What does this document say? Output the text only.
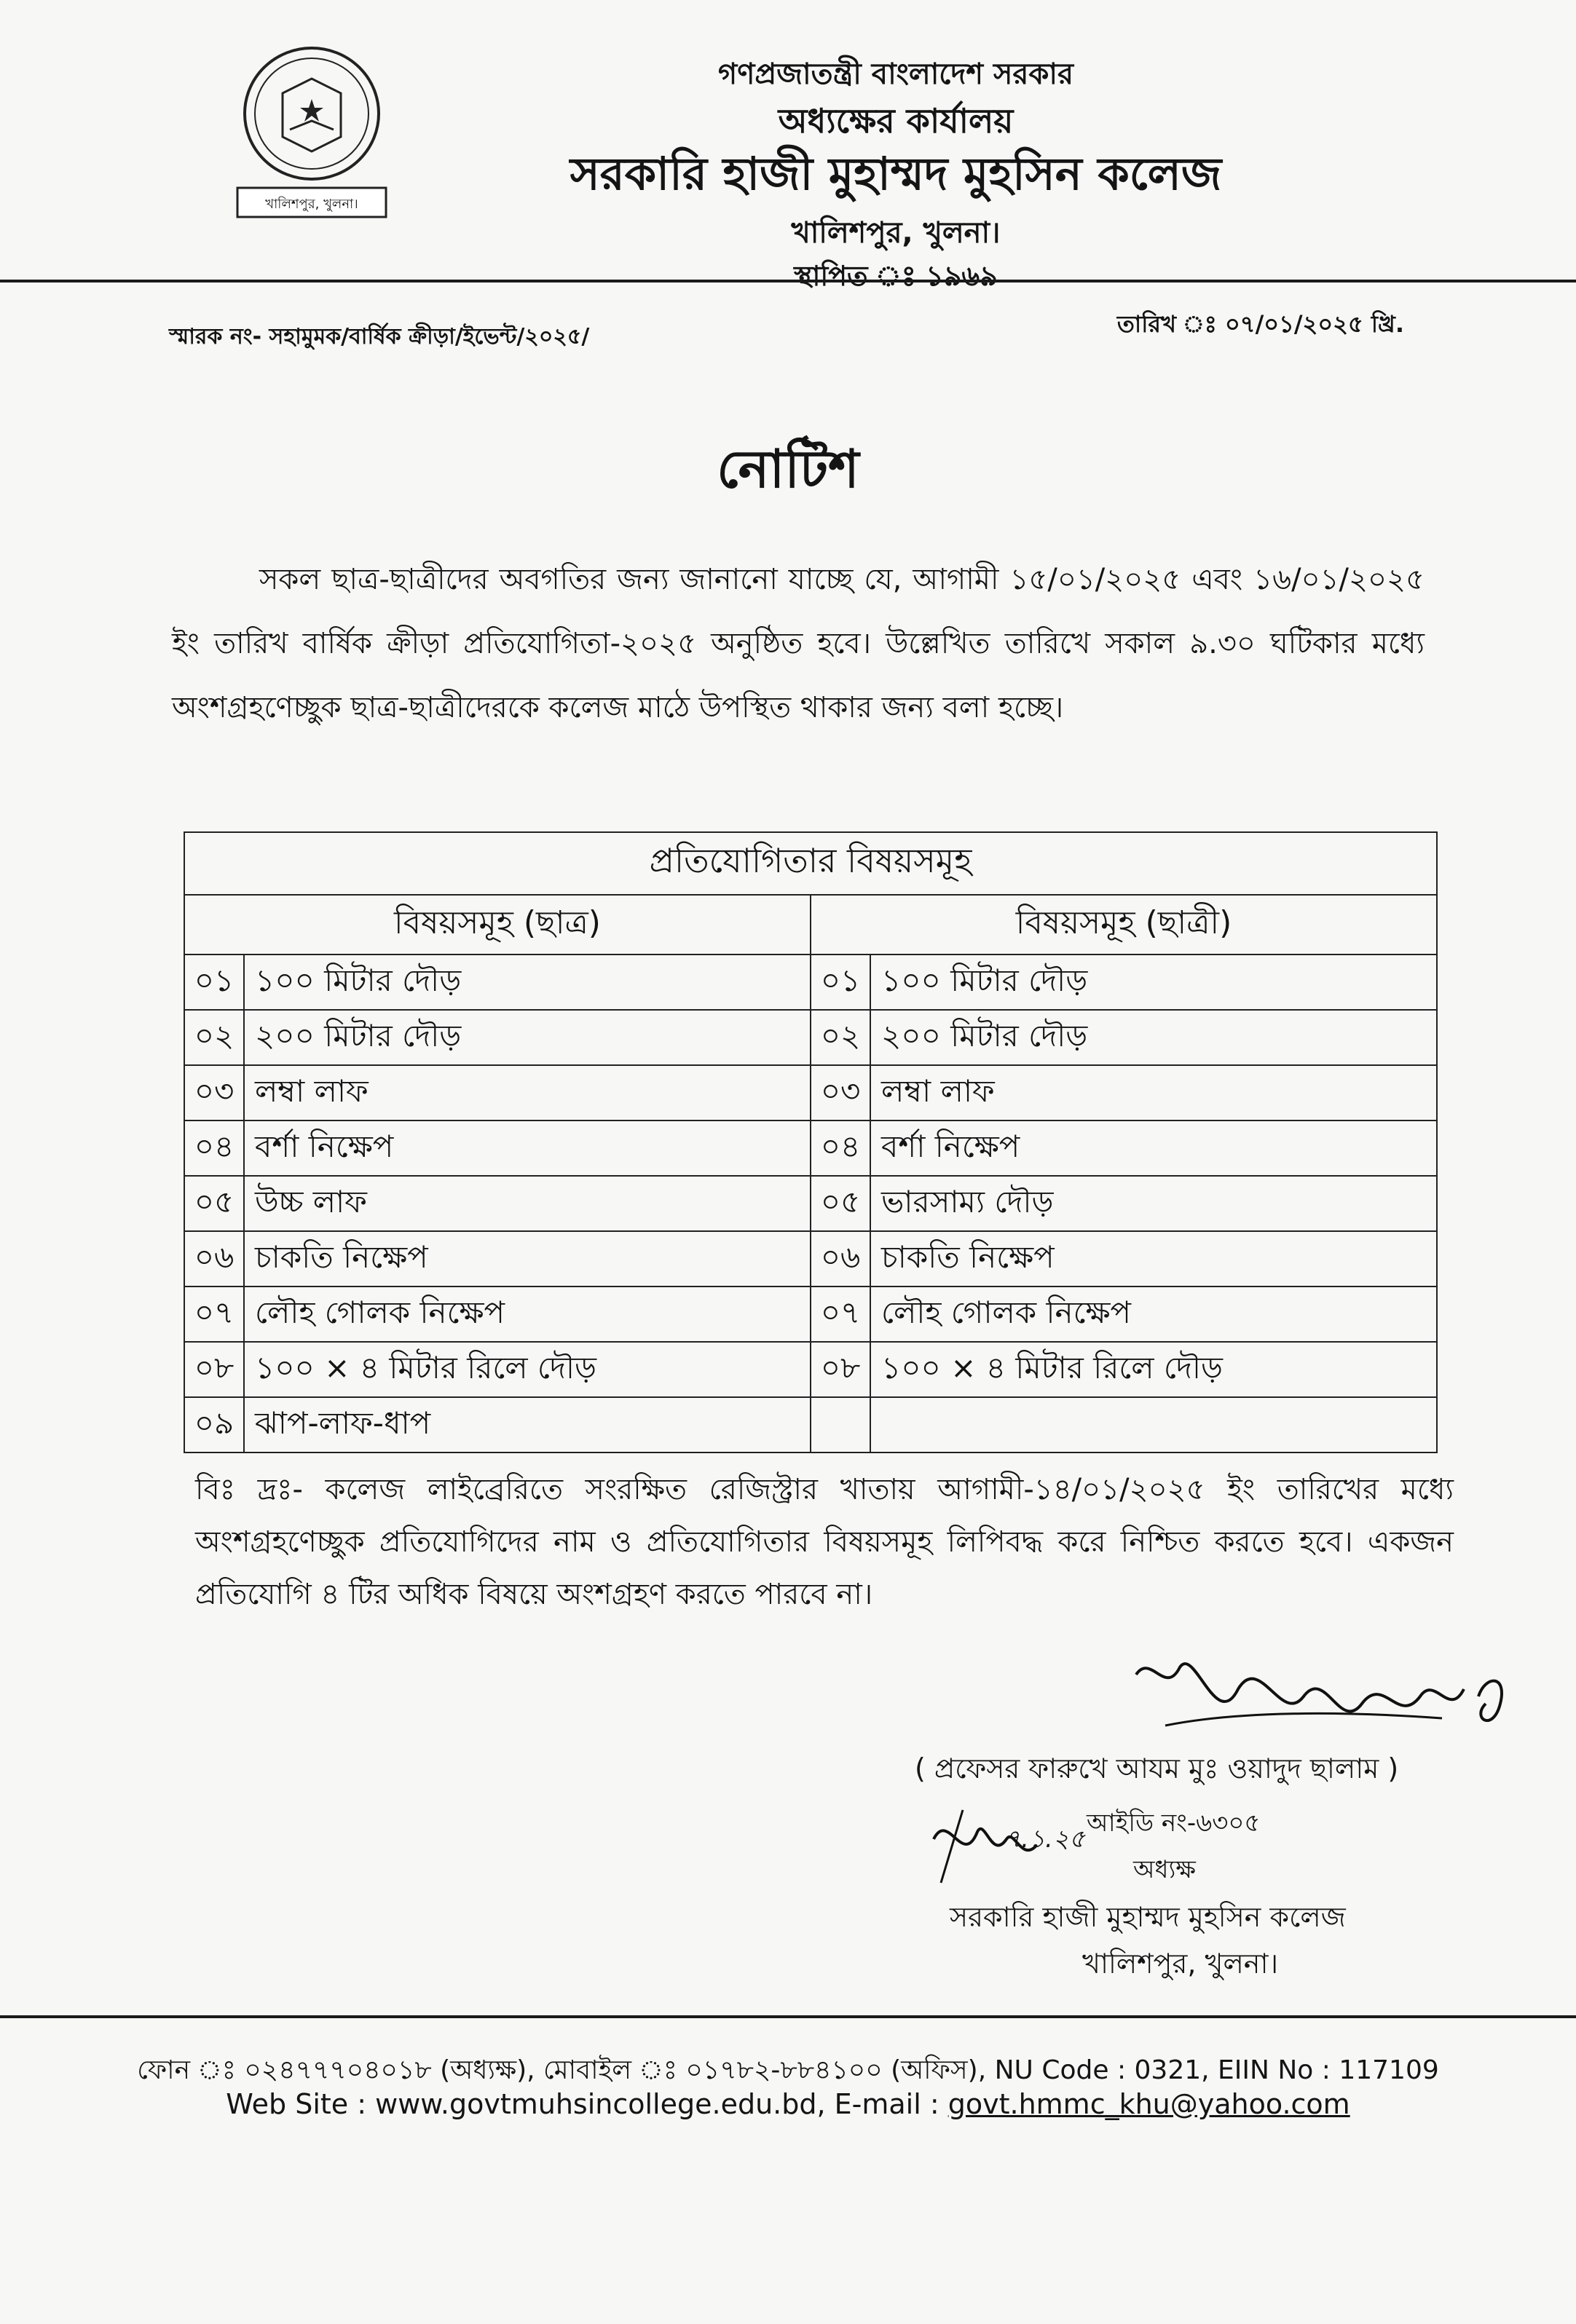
খালিশপুর, খুলনা।
গণপ্রজাতন্ত্রী বাংলাদেশ সরকার
অধ্যক্ষের কার্যালয়
সরকারি হাজী মুহাম্মদ মুহসিন কলেজ
খালিশপুর, খুলনা।
স্থাপিত ঃ ১৯৬৯
স্মারক নং- সহামুমক/বার্ষিক ক্রীড়া/ইভেন্ট/২০২৫/	তারিখ ঃ ০৭/০১/২০২৫ খ্রি.
নোটিশ
সকল ছাত্র-ছাত্রীদের অবগতির জন্য জানানো যাচ্ছে যে, আগামী ১৫/০১/২০২৫ এবং ১৬/০১/২০২৫ ইং তারিখ বার্ষিক ক্রীড়া প্রতিযোগিতা-২০২৫ অনুষ্ঠিত হবে। উল্লেখিত তারিখে সকাল ৯.৩০ ঘটিকার মধ্যে অংশগ্রহণেচ্ছুক ছাত্র-ছাত্রীদেরকে কলেজ মাঠে উপস্থিত থাকার জন্য বলা হচ্ছে।
প্রতিযোগিতার বিষয়সমূহ			
বিষয়সমূহ (ছাত্র)		বিষয়সমূহ (ছাত্রী)	
০১	১০০ মিটার দৌড়	০১	১০০ মিটার দৌড়
০২	২০০ মিটার দৌড়	০২	২০০ মিটার দৌড়
০৩	লম্বা লাফ	০৩	লম্বা লাফ
০৪	বর্শা নিক্ষেপ	০৪	বর্শা নিক্ষেপ
০৫	উচ্চ লাফ	০৫	ভারসাম্য দৌড়
০৬	চাকতি নিক্ষেপ	০৬	চাকতি নিক্ষেপ
০৭	লৌহ গোলক নিক্ষেপ	০৭	লৌহ গোলক নিক্ষেপ
০৮	১০০ × ৪ মিটার রিলে দৌড়	০৮	১০০ × ৪ মিটার রিলে দৌড়
০৯	ঝাপ-লাফ-ধাপ		
বিঃ দ্রঃ- কলেজ লাইব্রেরিতে সংরক্ষিত রেজিস্ট্রার খাতায় আগামী-১৪/০১/২০২৫ ইং তারিখের মধ্যে অংশগ্রহণেচ্ছুক প্রতিযোগিদের নাম ও প্রতিযোগিতার বিষয়সমূহ লিপিবদ্ধ করে নিশ্চিত করতে হবে। একজন প্রতিযোগি ৪ টির অধিক বিষয়ে অংশগ্রহণ করতে পারবে না।
( প্রফেসর ফারুখে আযম মুঃ ওয়াদুদ ছালাম )
৭.১.২৫
আইডি নং-৬৩০৫
অধ্যক্ষ
সরকারি হাজী মুহাম্মদ মুহসিন কলেজ
খালিশপুর, খুলনা।
ফোন ঃ ০২৪৭৭৭০৪০১৮ (অধ্যক্ষ), মোবাইল ঃ ০১৭৮২-৮৮৪১০০ (অফিস), NU Code : 0321, EIIN No : 117109
Web Site : www.govtmuhsincollege.edu.bd, E-mail : govt.hmmc_khu@yahoo.com
